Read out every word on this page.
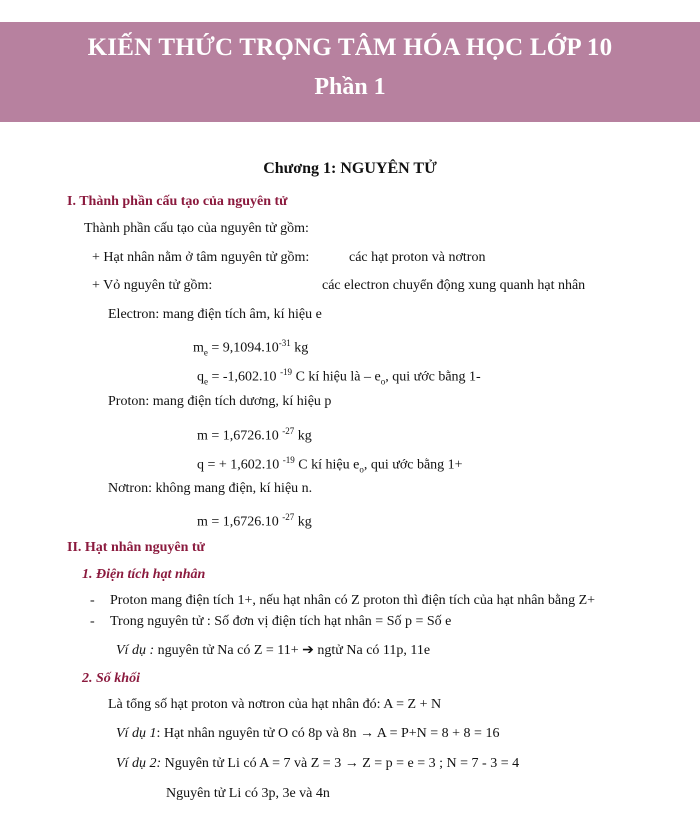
KIẾN THỨC TRỌNG TÂM HÓA HỌC LỚP 10
Phần 1
Chương 1: NGUYÊN TỬ
I. Thành phần cấu tạo của nguyên tử
Thành phần cấu tạo của nguyên tử gồm:
+ Hạt nhân nằm ở tâm nguyên tử gồm:	các hạt proton và nơtron
+ Vỏ nguyên tử gồm:	các electron chuyển động xung quanh hạt nhân
Electron: mang điện tích âm, kí hiệu e
$m_e = 9,1094.10^{-31}$ kg
$q_e = -1,602.10$ $^{-19}$ C kí hiệu là – $e_o$, qui ước bằng 1-
Proton: mang điện tích dương, kí hiệu p
m = 1,6726.10 $^{-27}$ kg
q = + 1,602.10 $^{-19}$ C kí hiệu $e_o$, qui ước bằng 1+
Nơtron: không mang điện, kí hiệu n.
m = 1,6726.10 $^{-27}$ kg
II. Hạt nhân nguyên tử
1. Điện tích hạt nhân
- Proton mang điện tích 1+, nếu hạt nhân có Z proton thì điện tích của hạt nhân bằng Z+
- Trong nguyên tử : Số đơn vị điện tích hạt nhân = Số p = Số e
Ví dụ : nguyên tử Na có Z = 11+ ➔ ngtử Na có 11p, 11e
2. Số khối
Là tổng số hạt proton và nơtron của hạt nhân đó: A = Z + N
Ví dụ 1: Hạt nhân nguyên tử O có 8p và 8n → A = P+N = 8 + 8 = 16
Ví dụ 2: Nguyên tử Li có A = 7 và Z = 3 → Z = p = e = 3 ; N = 7 - 3 = 4
Nguyên tử Li có 3p, 3e và 4n
